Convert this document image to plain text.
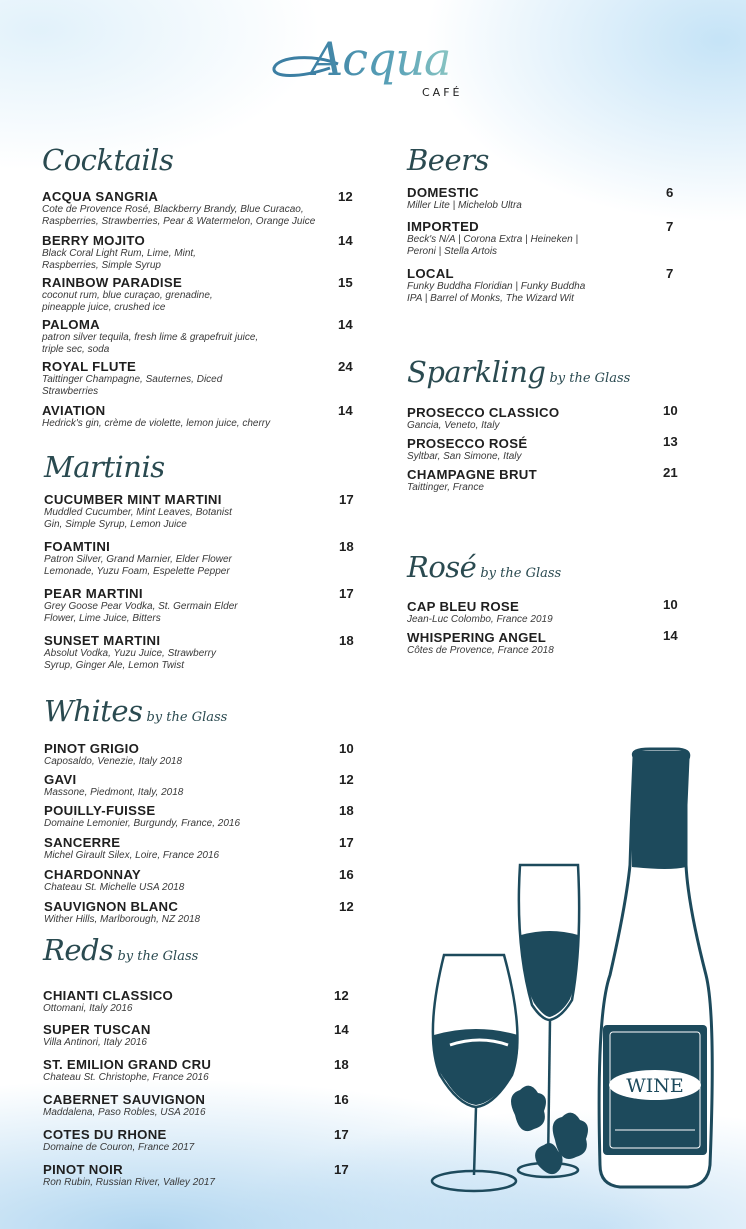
Acqua
CAFÉ
Cocktails
ACQUA SANGRIA	12
Cote de Provence Rosé, Blackberry Brandy, Blue Curacao,
Raspberries, Strawberries, Pear & Watermelon, Orange Juice
BERRY MOJITO	14
Black Coral Light Rum, Lime, Mint,
Raspberries, Simple Syrup
RAINBOW PARADISE	15
coconut rum, blue curaçao, grenadine,
pineapple juice, crushed ice
PALOMA	14
patron silver tequila, fresh lime & grapefruit juice,
triple sec, soda
ROYAL FLUTE	24
Taittinger Champagne, Sauternes, Diced
Strawberries
AVIATION	14
Hedrick's gin, crème de violette, lemon juice, cherry
Martinis
CUCUMBER MINT MARTINI	17
Muddled Cucumber, Mint Leaves, Botanist
Gin, Simple Syrup, Lemon Juice
FOAMTINI	18
Patron Silver, Grand Marnier, Elder Flower
Lemonade, Yuzu Foam, Espelette Pepper
PEAR MARTINI	17
Grey Goose Pear Vodka, St. Germain Elder
Flower, Lime Juice, Bitters
SUNSET MARTINI	18
Absolut Vodka, Yuzu Juice, Strawberry
Syrup, Ginger Ale, Lemon Twist
Whites by the Glass
PINOT GRIGIO	10
Caposaldo, Venezie, Italy 2018
GAVI	12
Massone, Piedmont, Italy, 2018
POUILLY-FUISSE	18
Domaine Lemonier, Burgundy, France, 2016
SANCERRE	17
Michel Girault Silex, Loire, France 2016
CHARDONNAY	16
Chateau St. Michelle USA 2018
SAUVIGNON BLANC	12
Wither Hills, Marlborough, NZ 2018
Reds by the Glass
CHIANTI CLASSICO	12
Ottomani, Italy 2016
SUPER TUSCAN	14
Villa Antinori, Italy 2016
ST. EMILION GRAND CRU	18
Chateau St. Christophe, France 2016
CABERNET SAUVIGNON	16
Maddalena, Paso Robles, USA 2016
COTES DU RHONE	17
Domaine de Couron, France 2017
PINOT NOIR	17
Ron Rubin, Russian River, Valley 2017
Beers
DOMESTIC	6
Miller Lite | Michelob Ultra
IMPORTED	7
Beck's N/A | Corona Extra | Heineken |
Peroni | Stella Artois
LOCAL	7
Funky Buddha Floridian | Funky Buddha
IPA | Barrel of Monks, The Wizard Wit
Sparkling by the Glass
PROSECCO CLASSICO	10
Gancia, Veneto, Italy
PROSECCO ROSÉ	13
Syltbar, San Simone, Italy
CHAMPAGNE BRUT	21
Taittinger, France
Rosé by the Glass
CAP BLEU ROSE	10
Jean-Luc Colombo, France 2019
WHISPERING ANGEL	14
Côtes de Provence, France 2018
WINE
